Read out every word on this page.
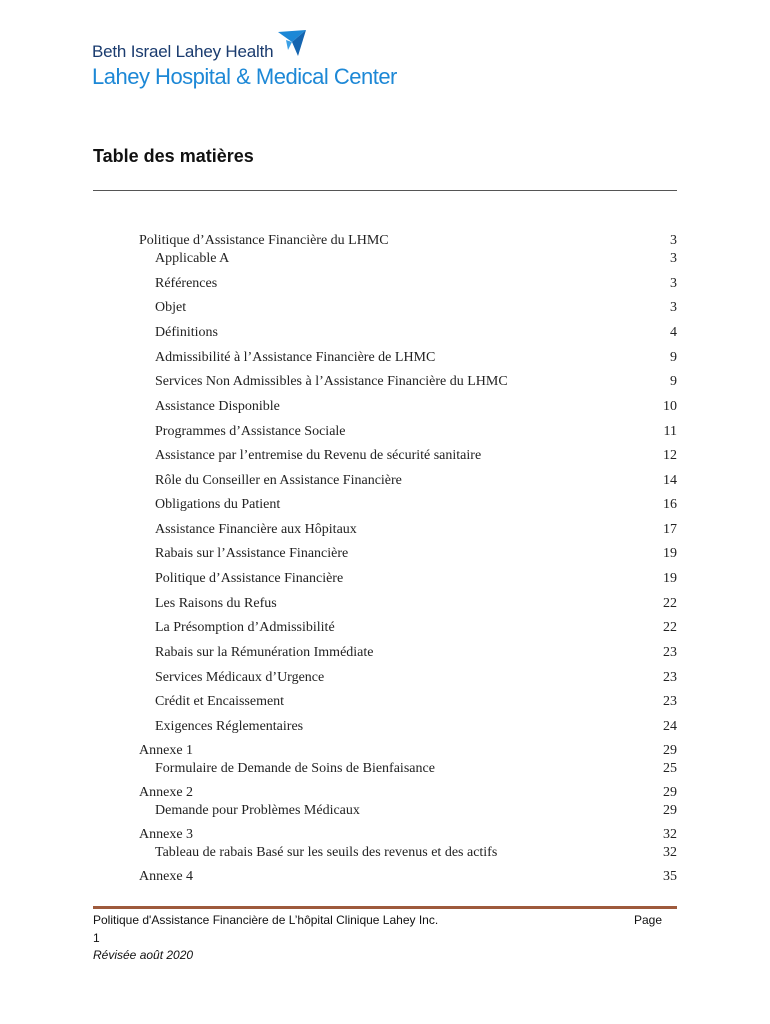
Beth Israel Lahey Health
Lahey Hospital & Medical Center
Table des matières
Politique d’Assistance Financière du LHMC	3
Applicable A	3
Références	3
Objet	3
Définitions	4
Admissibilité à l’Assistance Financière de LHMC	9
Services Non Admissibles à l’Assistance Financière du LHMC	9
Assistance Disponible	10
Programmes d’Assistance Sociale	11
Assistance par l’entremise du Revenu de sécurité sanitaire	12
Rôle du Conseiller en Assistance Financière	14
Obligations du Patient	16
Assistance Financière aux Hôpitaux	17
Rabais sur l’Assistance Financière	19
Politique d’Assistance Financière	19
Les Raisons du Refus	22
La Présomption d’Admissibilité	22
Rabais sur la Rémunération Immédiate	23
Services Médicaux d’Urgence	23
Crédit et Encaissement	23
Exigences Réglementaires	24
Annexe 1	29
Formulaire de Demande de Soins de Bienfaisance	25
Annexe 2	29
Demande pour Problèmes Médicaux	29
Annexe 3	32
Tableau de rabais Basé sur les seuils des revenus et des actifs	32
Annexe 4	35
Politique d'Assistance Financière de L’hôpital Clinique Lahey Inc.	Page
1
Révisée août 2020
